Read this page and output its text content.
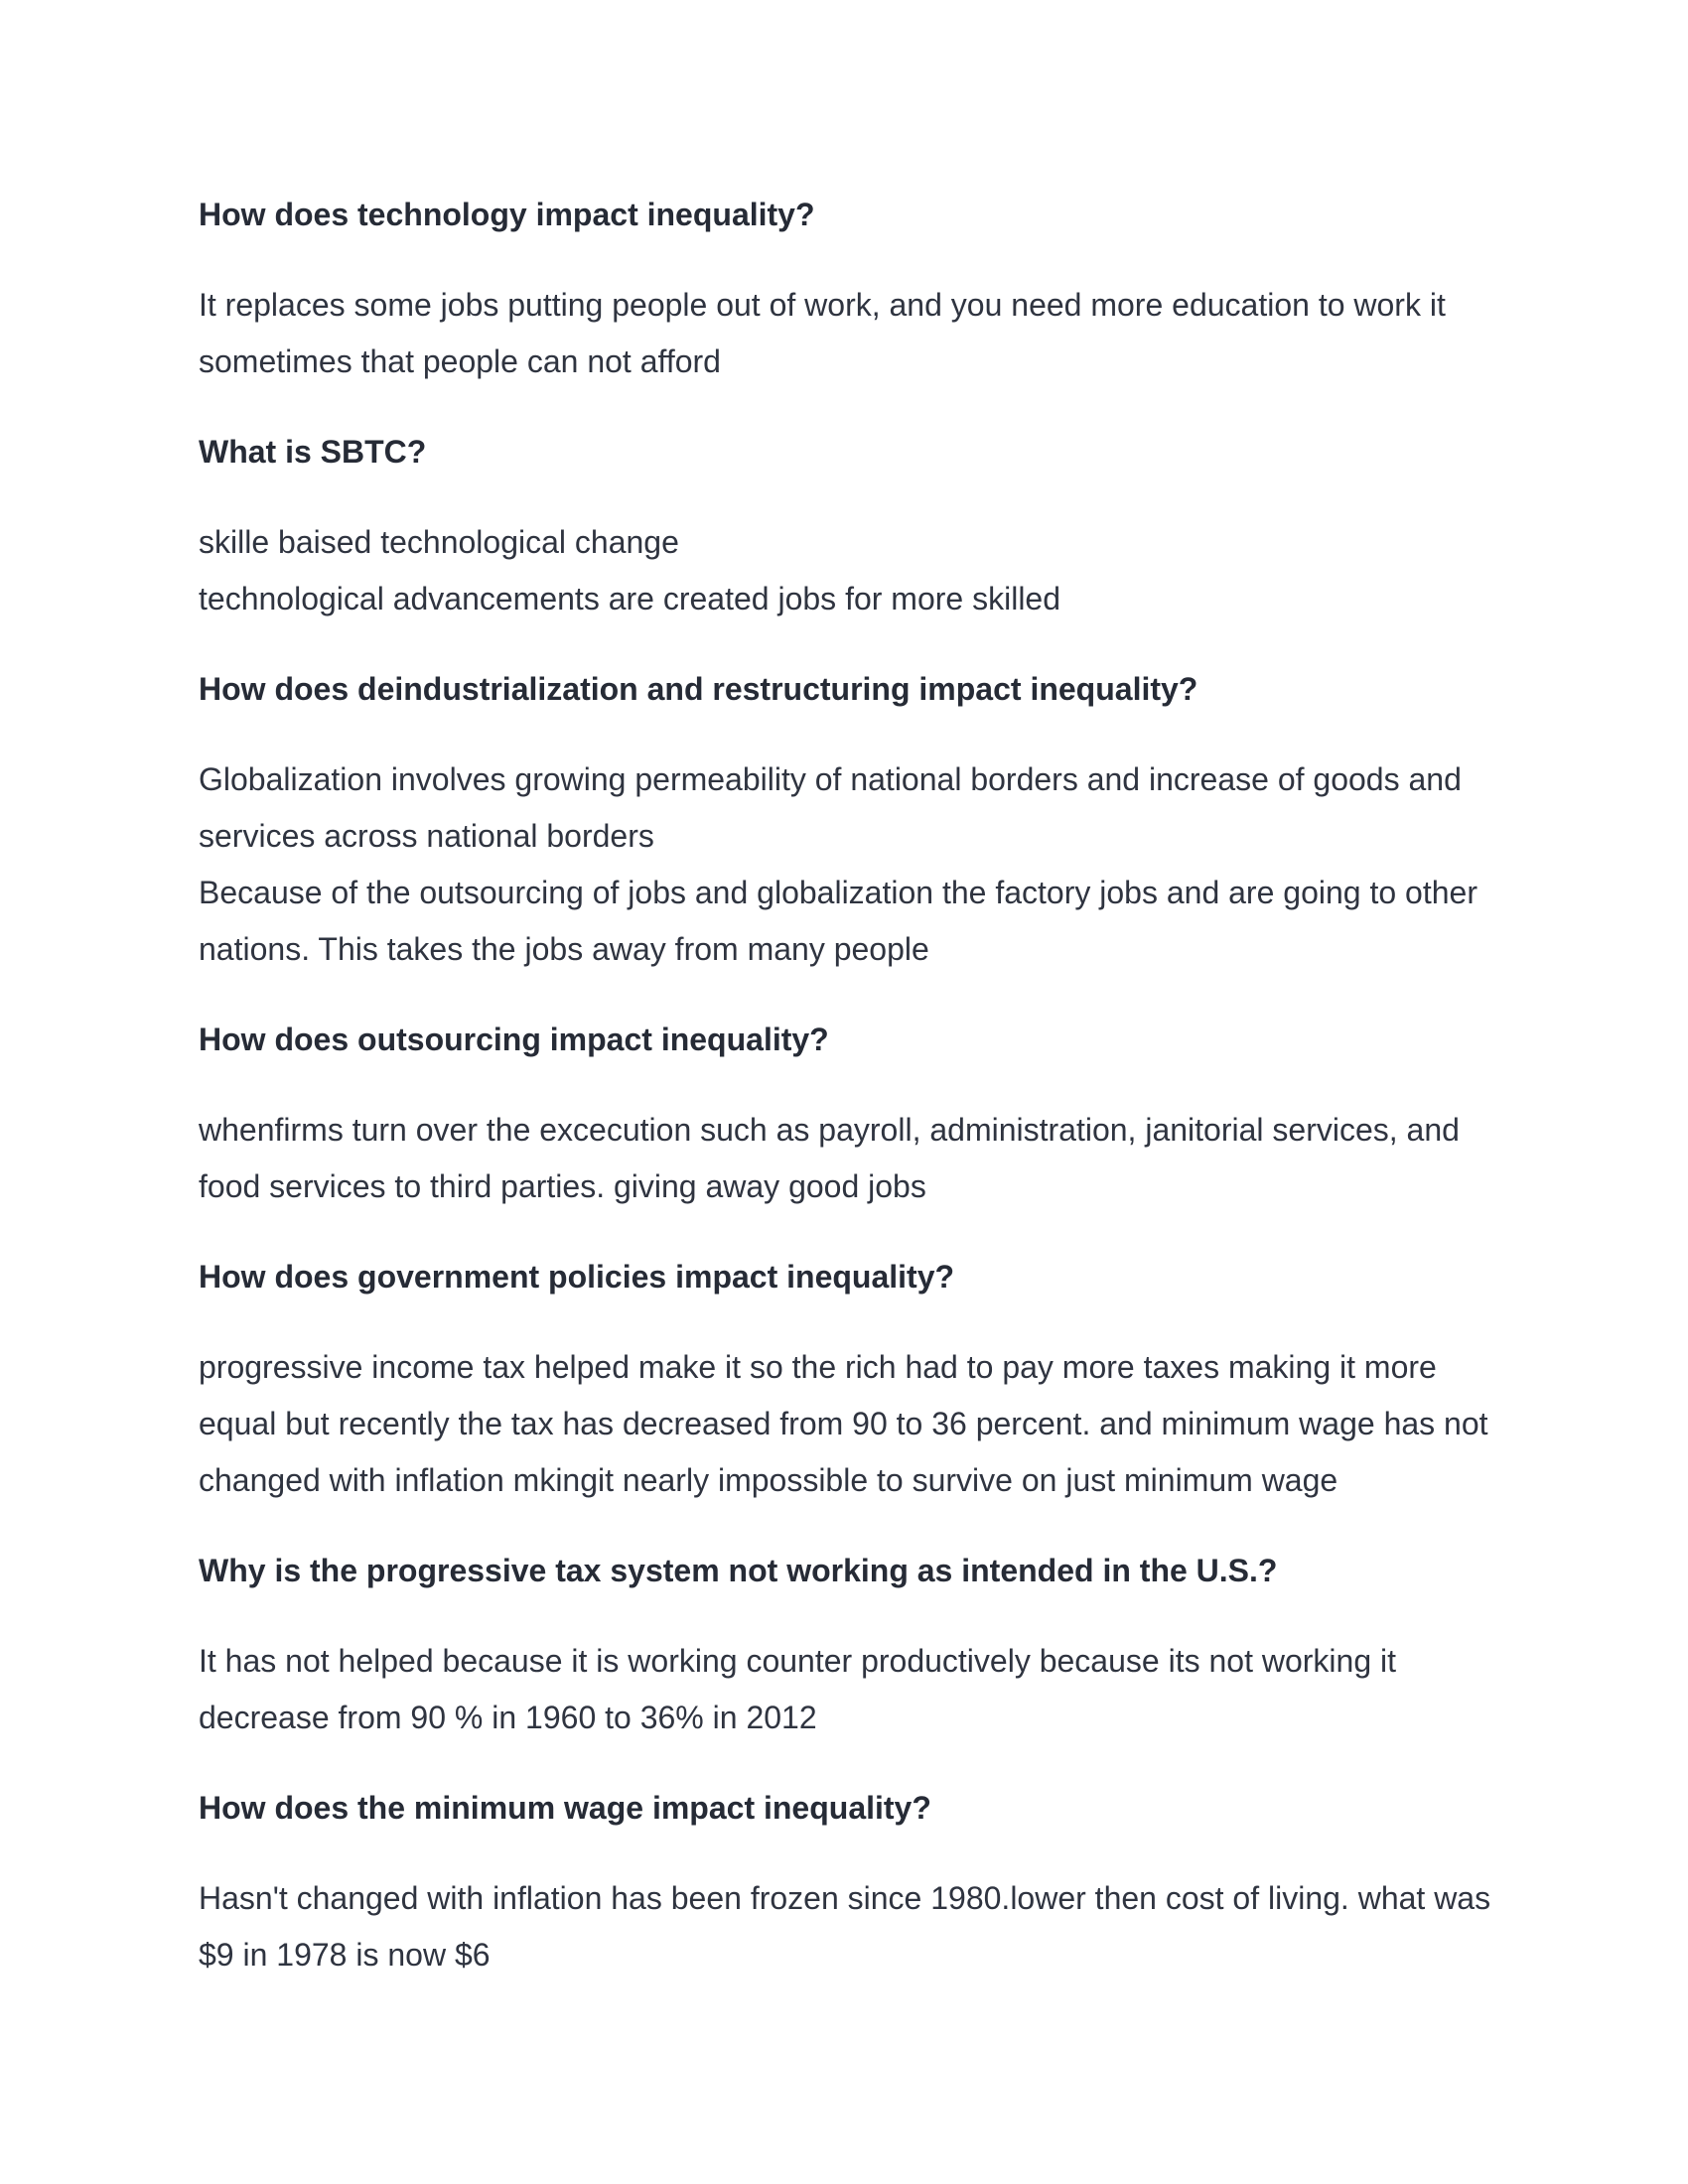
How does technology impact inequality?

It replaces some jobs putting people out of work, and you need more education to work it sometimes that people can not afford

What is SBTC?

skille baised technological change
technological advancements are created jobs for more skilled

How does deindustrialization and restructuring impact inequality?

Globalization involves growing permeability of national borders and increase of goods and services across national borders
Because of the outsourcing of jobs and globalization the factory jobs and are going to other nations. This takes the jobs away from many people

How does outsourcing impact inequality?

whenfirms turn over the excecution such as payroll, administration, janitorial services, and food services to third parties. giving away good jobs

How does government policies impact inequality?

progressive income tax helped make it so the rich had to pay more taxes making it more equal but recently the tax has decreased from 90 to 36 percent. and minimum wage has not changed with inflation mkingit nearly impossible to survive on just minimum wage

Why is the progressive tax system not working as intended in the U.S.?

It has not helped because it is working counter productively because its not working it decrease from 90 % in 1960 to 36% in 2012

How does the minimum wage impact inequality?

Hasn't changed with inflation has been frozen since 1980.lower then cost of living. what was $9 in 1978 is now $6
